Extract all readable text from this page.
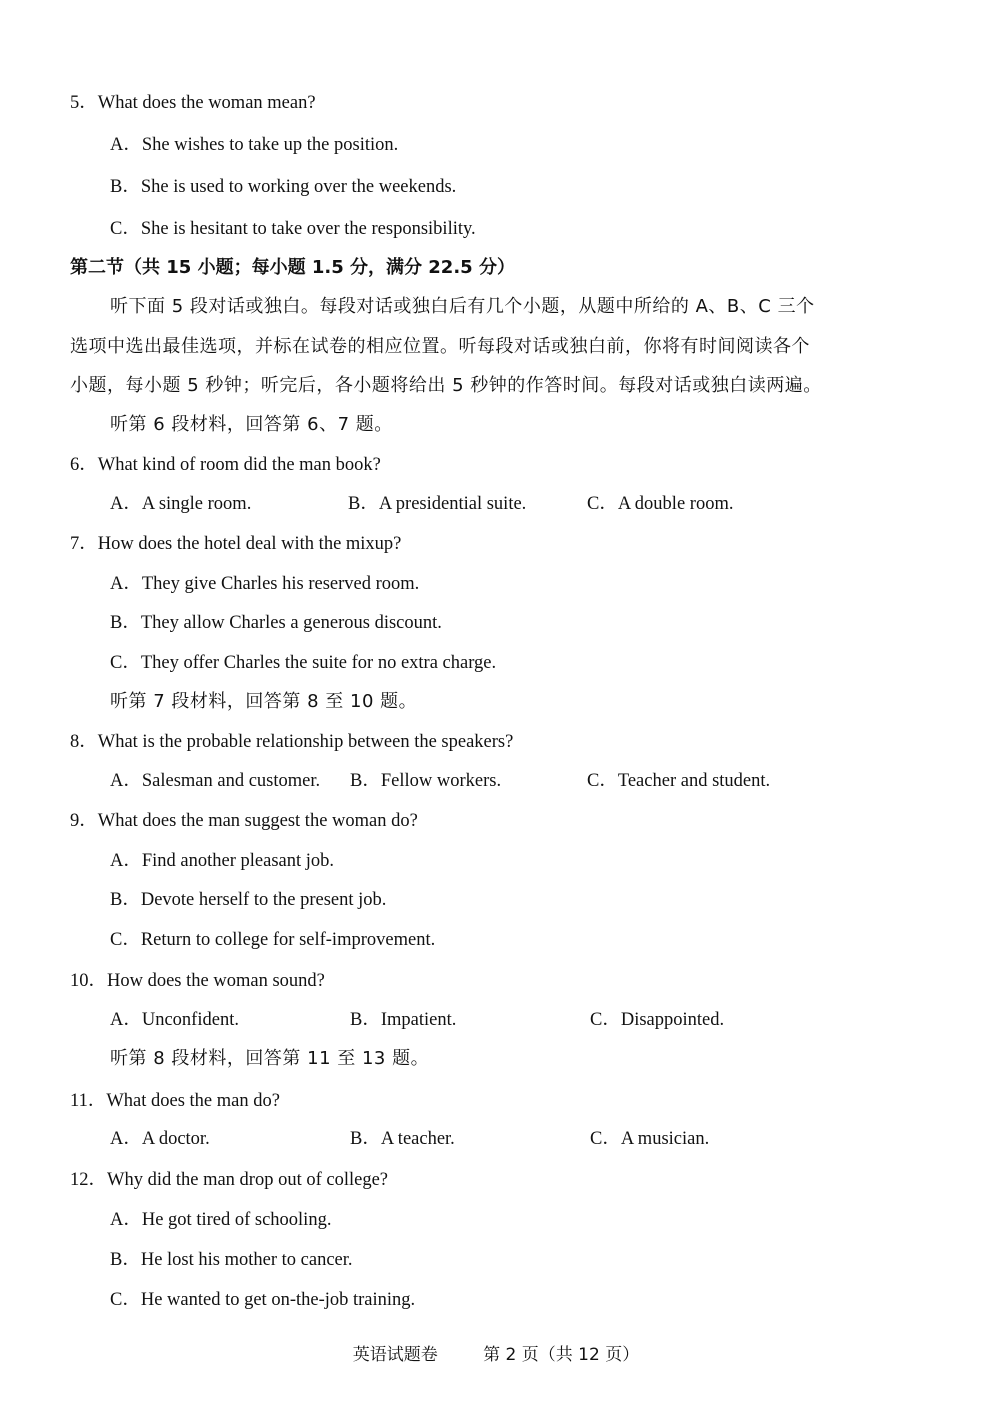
5．What does the woman mean?
A．She wishes to take up the position.
B．She is used to working over the weekends.
C．She is hesitant to take over the responsibility.
第二节（共 15 小题；每小题 1.5 分，满分 22.5 分）
听下面 5 段对话或独白。每段对话或独白后有几个小题，从题中所给的 A、B、C 三个
选项中选出最佳选项，并标在试卷的相应位置。听每段对话或独白前，你将有时间阅读各个
小题，每小题 5 秒钟；听完后，各小题将给出 5 秒钟的作答时间。每段对话或独白读两遍。
听第 6 段材料，回答第 6、7 题。
6．What kind of room did the man book?
A．A single room.	B．A presidential suite.	C．A double room.
7．How does the hotel deal with the mixup?
A．They give Charles his reserved room.
B．They allow Charles a generous discount.
C．They offer Charles the suite for no extra charge.
听第 7 段材料，回答第 8 至 10 题。
8．What is the probable relationship between the speakers?
A．Salesman and customer. B．Fellow workers.	C．Teacher and student.
9．What does the man suggest the woman do?
A．Find another pleasant job.
B．Devote herself to the present job.
C．Return to college for self-improvement.
10．How does the woman sound?
A．Unconfident.	B．Impatient.	C．Disappointed.
听第 8 段材料，回答第 11 至 13 题。
11．What does the man do?
A．A doctor.	B．A teacher.	C．A musician.
12．Why did the man drop out of college?
A．He got tired of schooling.
B．He lost his mother to cancer.
C．He wanted to get on-the-job training.
英语试题卷	第 2 页（共 12 页）
